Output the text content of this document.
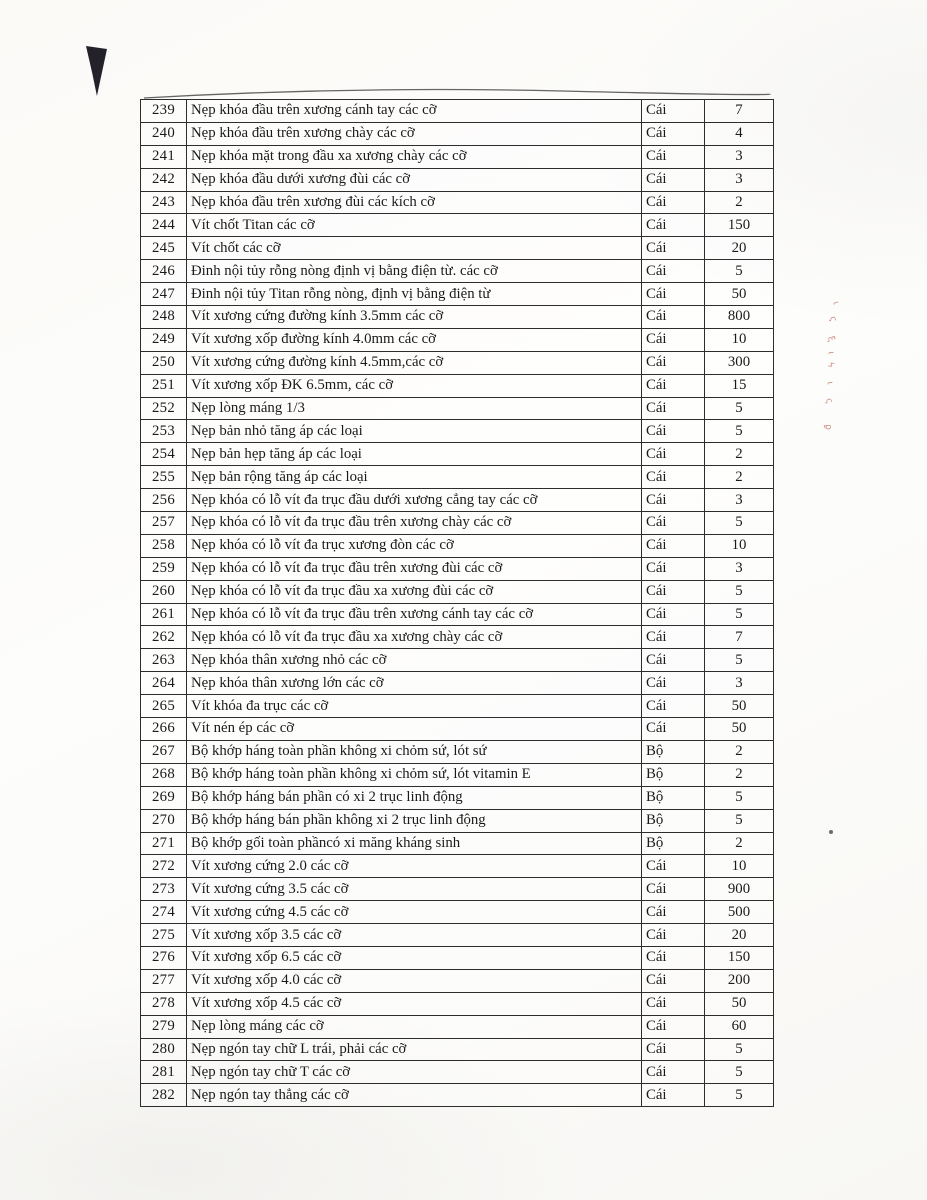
239	Nẹp khóa đầu trên xương cánh tay các cỡ	Cái	7
240	Nẹp khóa đầu trên xương chày các cỡ	Cái	4
241	Nẹp khóa mặt trong đầu xa xương chày các cỡ	Cái	3
242	Nẹp khóa đầu dưới xương đùi các cỡ	Cái	3
243	Nẹp khóa đầu trên xương đùi các kích cỡ	Cái	2
244	Vít chốt Titan các cỡ	Cái	150
245	Vít chốt các cỡ	Cái	20
246	Đinh nội tủy rỗng nòng định vị bằng điện từ. các cỡ	Cái	5
247	Đinh nội tủy Titan rỗng nòng, định vị bằng điện từ	Cái	50
248	Vít xương cứng đường kính 3.5mm các cỡ	Cái	800
249	Vít xương xốp đường kính 4.0mm các cỡ	Cái	10
250	Vít xương cứng đường kính 4.5mm,các cỡ	Cái	300
251	Vít xương xốp ĐK 6.5mm, các cỡ	Cái	15
252	Nẹp lòng máng 1/3	Cái	5
253	Nẹp bản nhỏ tăng áp các loại	Cái	5
254	Nẹp bản hẹp tăng áp các loại	Cái	2
255	Nẹp bản rộng tăng áp các loại	Cái	2
256	Nẹp khóa có lỗ vít đa trục đầu dưới xương cẳng tay các cỡ	Cái	3
257	Nẹp khóa có lỗ vít đa trục đầu trên xương chày các cỡ	Cái	5
258	Nẹp khóa có lỗ vít đa trục xương đòn các cỡ	Cái	10
259	Nẹp khóa có lỗ vít đa trục đầu trên xương đùi các cỡ	Cái	3
260	Nẹp khóa có lỗ vít đa trục đầu xa xương đùi các cỡ	Cái	5
261	Nẹp khóa có lỗ vít đa trục đầu trên xương cánh tay các cỡ	Cái	5
262	Nẹp khóa có lỗ vít đa trục đầu xa xương chày các cỡ	Cái	7
263	Nẹp khóa thân xương nhỏ các cỡ	Cái	5
264	Nẹp khóa thân xương lớn các cỡ	Cái	3
265	Vít khóa đa trục các cỡ	Cái	50
266	Vít nén ép các cỡ	Cái	50
267	Bộ khớp háng toàn phần không xi chỏm sứ, lót sứ	Bộ	2
268	Bộ khớp háng toàn phần không xi chỏm sứ, lót vitamin E	Bộ	2
269	Bộ khớp háng bán phần có xi 2 trục linh động	Bộ	5
270	Bộ khớp háng bán phần không xi 2 trục linh động	Bộ	5
271	Bộ khớp gối toàn phầncó xi măng kháng sinh	Bộ	2
272	Vít xương cứng 2.0 các cỡ	Cái	10
273	Vít xương cứng 3.5 các cỡ	Cái	900
274	Vít xương cứng 4.5 các cỡ	Cái	500
275	Vít xương xốp 3.5 các cỡ	Cái	20
276	Vít xương xốp 6.5 các cỡ	Cái	150
277	Vít xương xốp 4.0 các cỡ	Cái	200
278	Vít xương xốp 4.5 các cỡ	Cái	50
279	Nẹp lòng máng các cỡ	Cái	60
280	Nẹp ngón tay chữ L trái, phải các cỡ	Cái	5
281	Nẹp ngón tay chữ T các cỡ	Cái	5
282	Nẹp ngón tay thẳng các cỡ	Cái	5
ι
ς
ξ
ι
ϟ
ι
ς
ϼ
